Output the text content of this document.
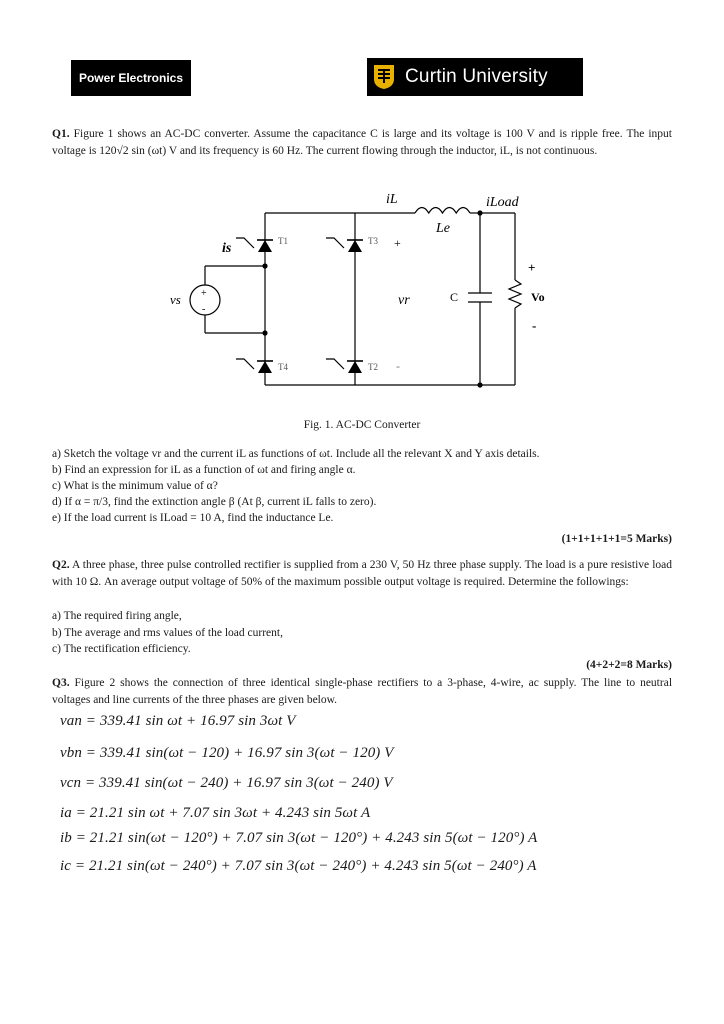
Power Electronics	Curtin University
Q1. Figure 1 shows an AC-DC converter. Assume the capacitance C is large and its voltage is 100 V and is ripple free. The input voltage is 120√2 sin (ωt) V and its frequency is 60 Hz. The current flowing through the inductor, iL, is not continuous.
iL	iLoad
Le
is
vs	vr	C	Vo
T1	T3
T4	T2
+
-
+
-
+
-
Fig. 1. AC-DC Converter
a) Sketch the voltage vr and the current iL as functions of ωt. Include all the relevant X and Y axis details.
b) Find an expression for iL as a function of ωt and firing angle α.
c) What is the minimum value of α?
d) If α = π/3, find the extinction angle β (At β, current iL falls to zero).
e) If the load current is ILoad = 10 A, find the inductance Le.
(1+1+1+1+1=5 Marks)
Q2. A three phase, three pulse controlled rectifier is supplied from a 230 V, 50 Hz three phase supply. The load is a pure resistive load with 10 Ω. An average output voltage of 50% of the maximum possible output voltage is required. Determine the followings:
a) The required firing angle,
b) The average and rms values of the load current,
c) The rectification efficiency.
(4+2+2=8 Marks)
Q3. Figure 2 shows the connection of three identical single-phase rectifiers to a 3-phase, 4-wire, ac supply. The line to neutral voltages and line currents of the three phases are given below.
van = 339.41 sin ωt + 16.97 sin 3ωt V
vbn = 339.41 sin(ωt − 120) + 16.97 sin 3(ωt − 120) V
vcn = 339.41 sin(ωt − 240) + 16.97 sin 3(ωt − 240) V
ia = 21.21 sin ωt + 7.07 sin 3ωt + 4.243 sin 5ωt A
ib = 21.21 sin(ωt − 120°) + 7.07 sin 3(ωt − 120°) + 4.243 sin 5(ωt − 120°) A
ic = 21.21 sin(ωt − 240°) + 7.07 sin 3(ωt − 240°) + 4.243 sin 5(ωt − 240°) A
